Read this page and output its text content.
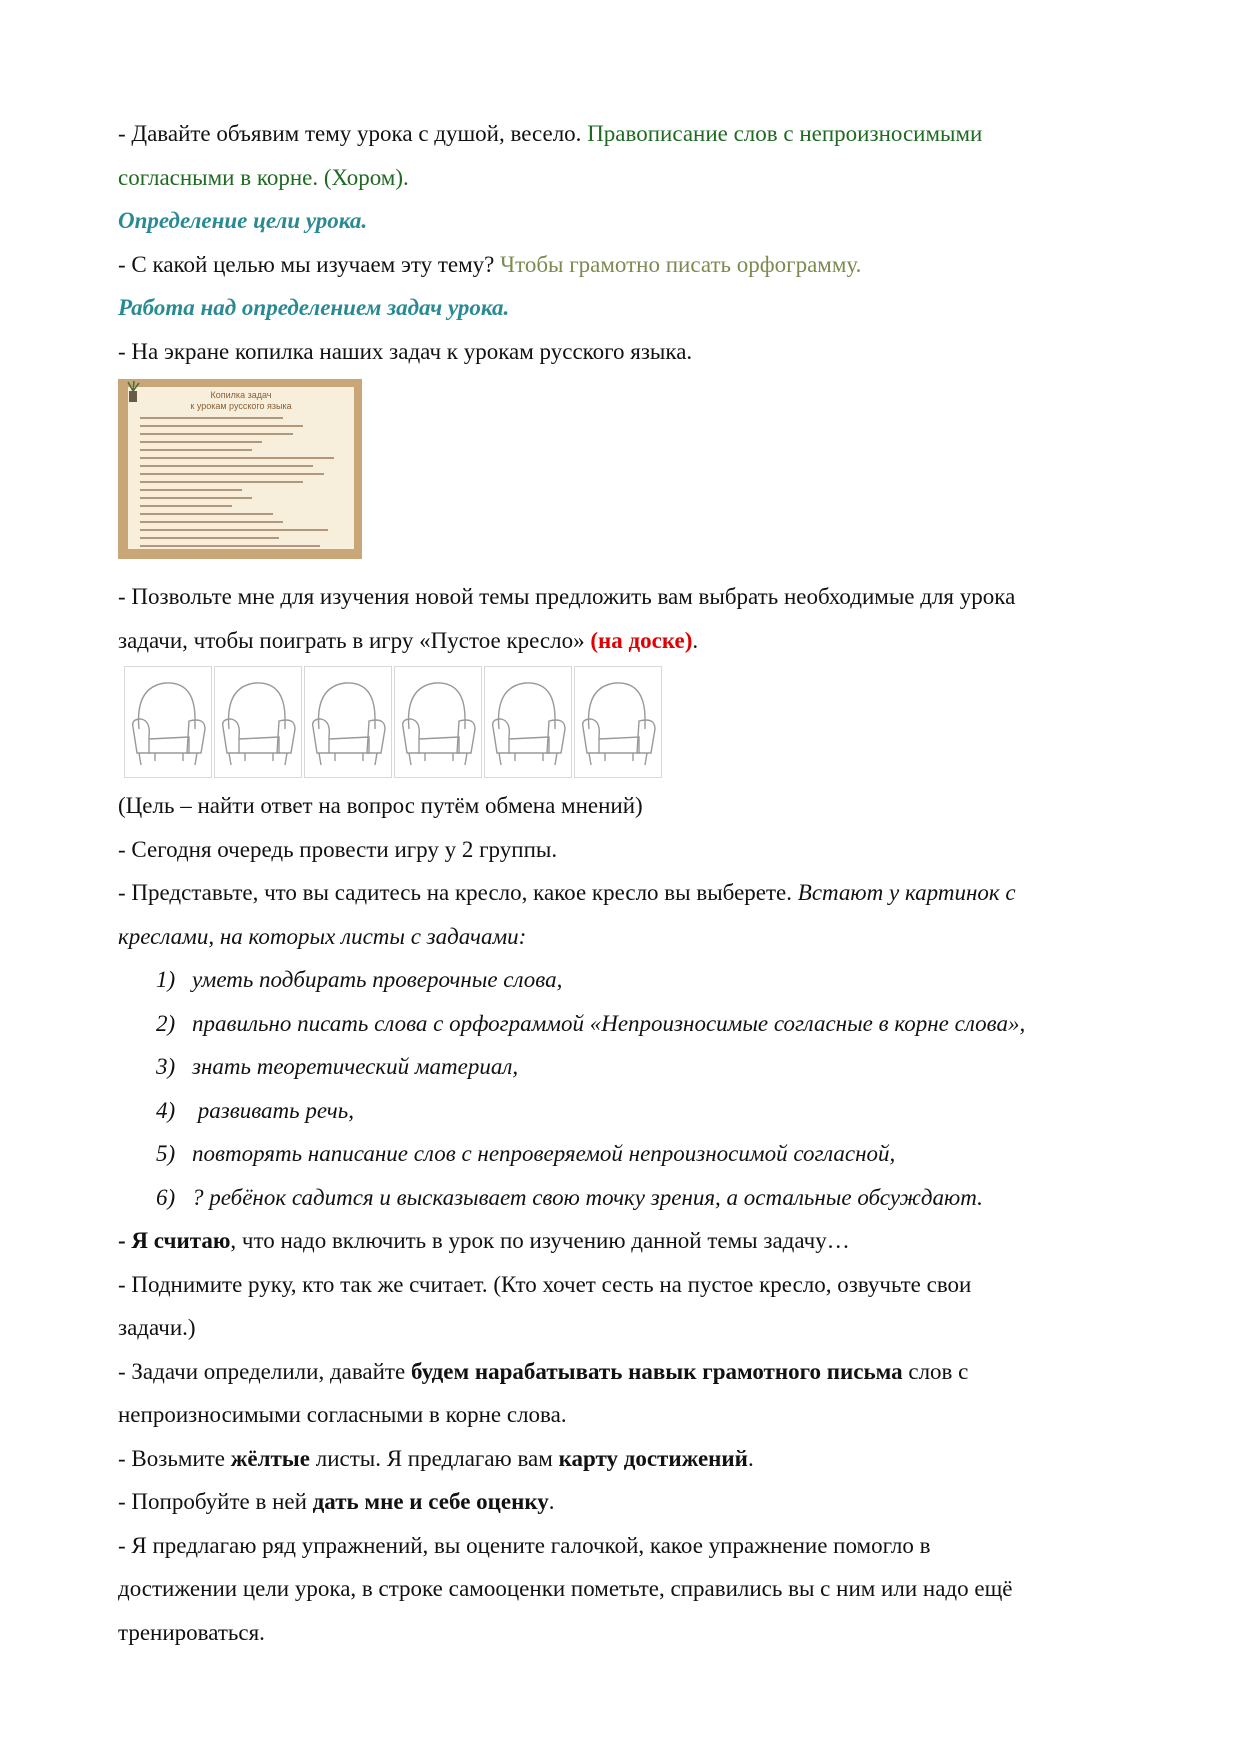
- Давайте объявим тему урока с душой, весело. Правописание слов с непроизносимыми

согласными в корне. (Хором).

Определение цели урока.

- С какой целью мы изучаем эту тему? Чтобы грамотно писать орфограмму.

Работа над определением задач урока.

- На экране копилка наших задач к урокам русского языка.

Копилка задач
к урокам русского языка

- Позвольте мне для изучения новой темы предложить вам выбрать необходимые для урока

задачи, чтобы поиграть в игру «Пустое кресло» (на доске).

(Цель – найти ответ на вопрос путём обмена мнений)

- Сегодня очередь провести игру у 2 группы.

- Представьте, что вы садитесь на кресло, какое кресло вы выберете. Встают у картинок с

креслами, на которых листы с задачами:

1) уметь подбирать проверочные слова,

2) правильно писать слова с орфограммой «Непроизносимые согласные в корне слова»,

3) знать теоретический материал,

4) развивать речь,

5) повторять написание слов с непроверяемой непроизносимой согласной,

6) ? ребёнок садится и высказывает свою точку зрения, а остальные обсуждают.

- Я считаю, что надо включить в урок по изучению данной темы задачу…

- Поднимите руку, кто так же считает. (Кто хочет сесть на пустое кресло, озвучьте свои

задачи.)

- Задачи определили, давайте будем нарабатывать навык грамотного письма слов с

непроизносимыми согласными в корне слова.

- Возьмите жёлтые листы. Я предлагаю вам карту достижений.

- Попробуйте в ней дать мне и себе оценку.

- Я предлагаю ряд упражнений, вы оцените галочкой, какое упражнение помогло в

достижении цели урока, в строке самооценки пометьте, справились вы с ним или надо ещё

тренироваться.
